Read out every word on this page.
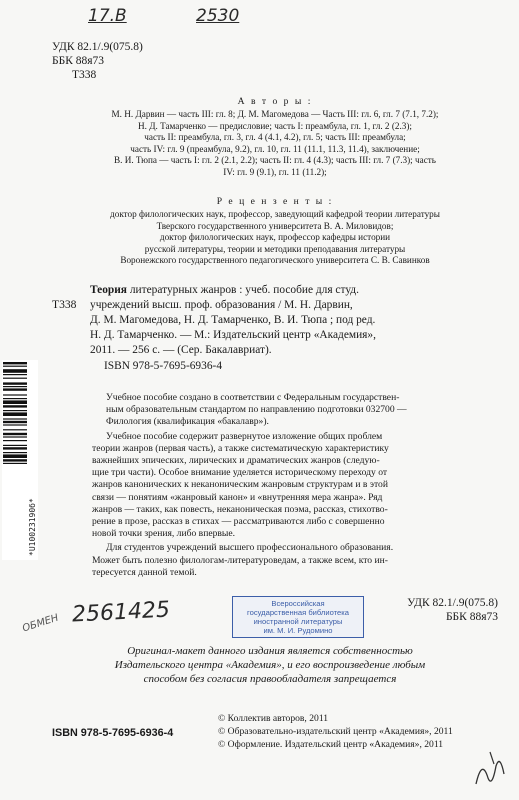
17.В	2530
УДК 82.1/.9(075.8)
ББК 88я73
Т338
А в т о р ы :
М. Н. Дарвин — часть III: гл. 8; Д. М. Магомедова — Часть III: гл. 6, гл. 7 (7.1, 7.2);
Н. Д. Тамарченко — предисловие; часть I: преамбула, гл. 1, гл. 2 (2.3);
часть II: преамбула, гл. 3, гл. 4 (4.1, 4.2), гл. 5; часть III: преамбула;
часть IV: гл. 9 (преамбула, 9.2), гл. 10, гл. 11 (11.1, 11.3, 11.4), заключение;
В. И. Тюпа — часть I: гл. 2 (2.1, 2.2); часть II: гл. 4 (4.3); часть III: гл. 7 (7.3); часть
IV: гл. 9 (9.1), гл. 11 (11.2);
Р е ц е н з е н т ы :
доктор филологических наук, профессор, заведующий кафедрой теории литературы
Тверского государственного университета В. А. Миловидов;
доктор филологических наук, профессор кафедры истории
русской литературы, теории и методики преподавания литературы
Воронежского государственного педагогического университета С. В. Савинков
Т338
Теория литературных жанров : учеб. пособие для студ.
учреждений высш. проф. образования / М. Н. Дарвин,
Д. М. Магомедова, Н. Д. Тамарченко, В. И. Тюпа ; под ред.
Н. Д. Тамарченко. — М.: Издательский центр «Академия»,
2011. — 256 с. — (Сер. Бакалавриат).
ISBN 978-5-7695-6936-4
*U10023190б*
Учебное пособие создано в соответствии с Федеральным государствен-
ным образовательным стандартом по направлению подготовки 032700 —
Филология (квалификация «бакалавр»).
Учебное пособие содержит развернутое изложение общих проблем
теории жанров (первая часть), а также систематическую характеристику
важнейших эпических, лирических и драматических жанров (следую-
щие три части). Особое внимание уделяется историческому переходу от
жанров канонических к неканоническим жанровым структурам и в этой
связи — понятиям «жанровый канон» и «внутренняя мера жанра». Ряд
жанров — таких, как повесть, неканоническая поэма, рассказ, стихотво-
рение в прозе, рассказ в стихах — рассматриваются либо с совершенно
новой точки зрения, либо впервые.
Для студентов учреждений высшего профессионального образования.
Может быть полезно филологам-литературоведам, а также всем, кто ин-
тересуется данной темой.
2561425
ОБМЕН
Всероссийская
государственная библиотека
иностранной литературы
им. М. И. Рудомино
УДК 82.1/.9(075.8)
ББК 88я73
Оригинал-макет данного издания является собственностью
Издательского центра «Академия», и его воспроизведение любым
способом без согласия правообладателя запрещается
ISBN 978-5-7695-6936-4
© Коллектив авторов, 2011
© Образовательно-издательский центр «Академия», 2011
© Оформление. Издательский центр «Академия», 2011
